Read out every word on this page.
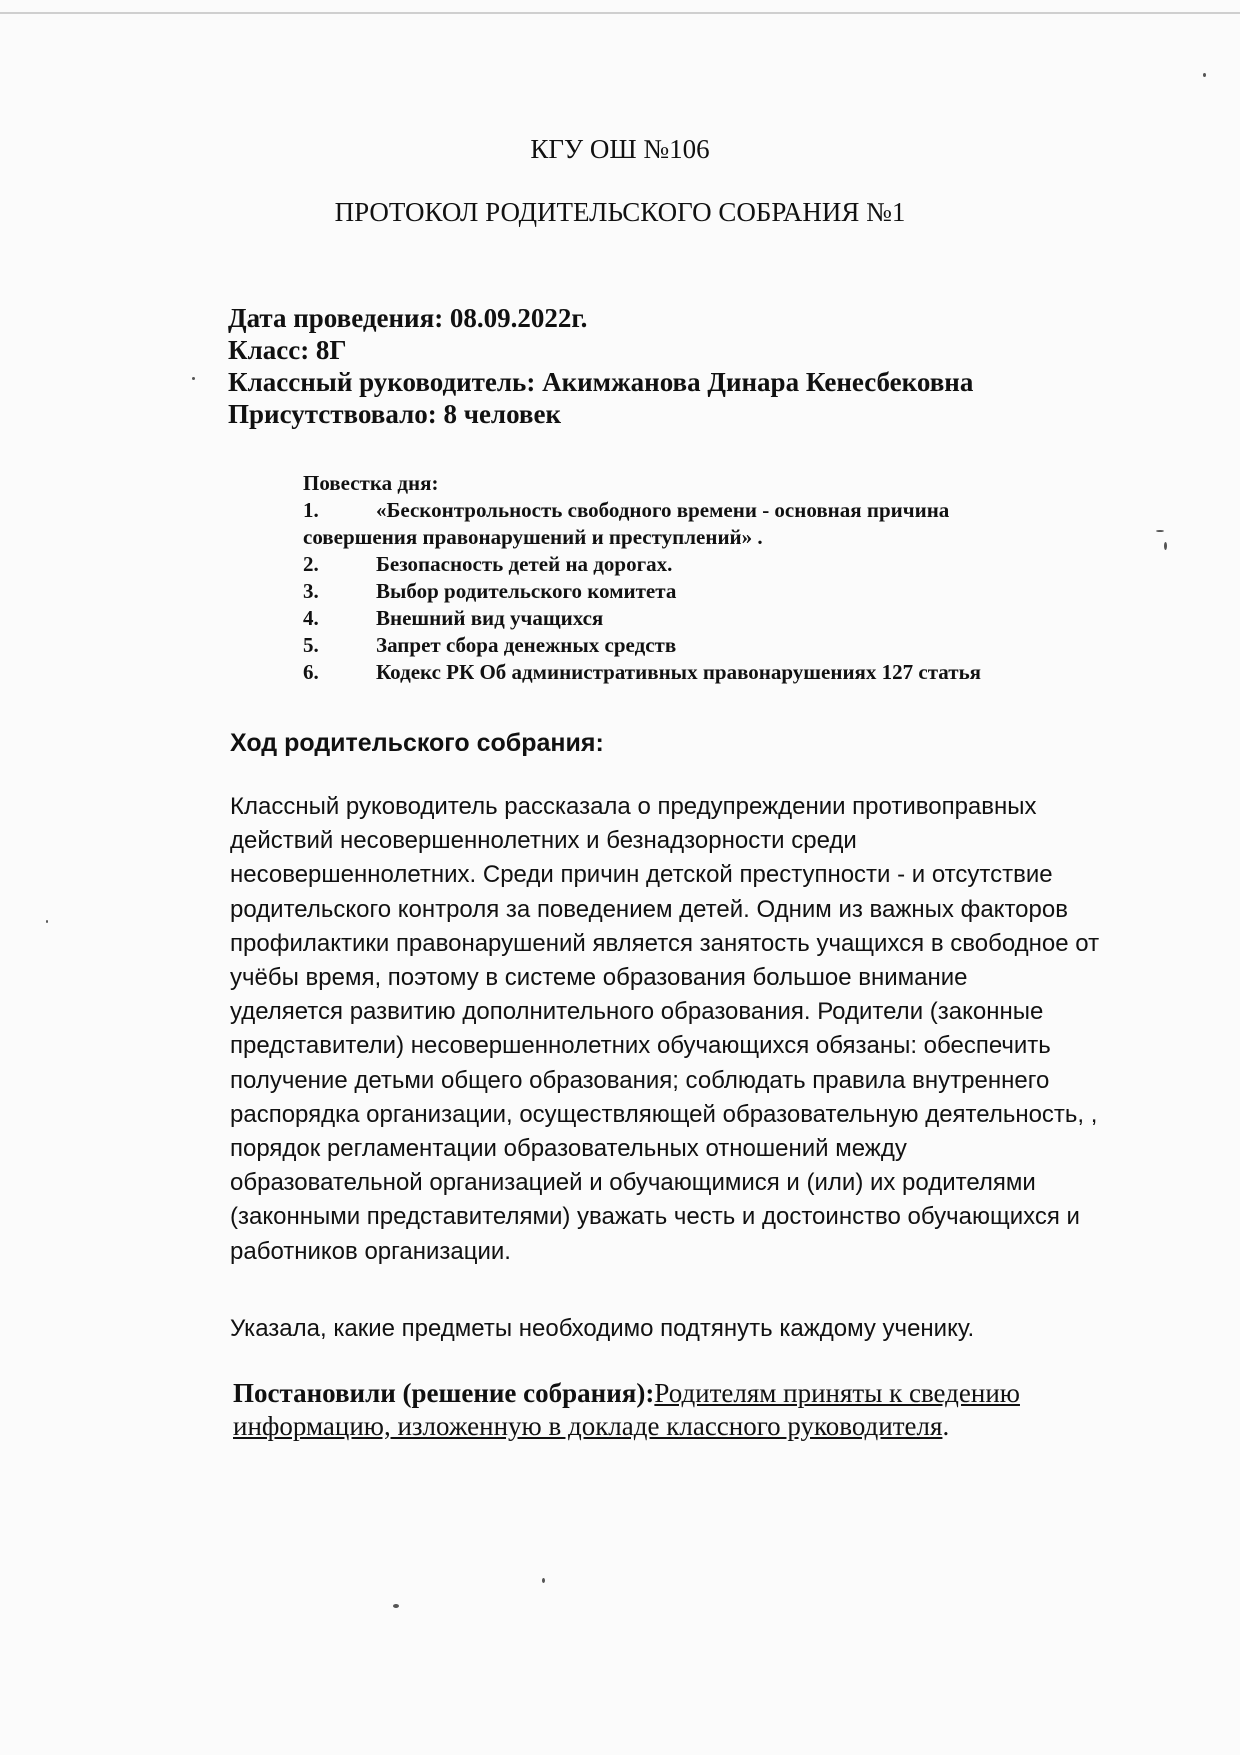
КГУ ОШ №106
ПРОТОКОЛ РОДИТЕЛЬСКОГО СОБРАНИЯ №1
Дата проведения: 08.09.2022г.
Класс: 8Г
Классный руководитель: Акимжанова Динара Кенесбековна
Присутствовало: 8 человек
Повестка дня:
1.	«Бесконтрольность свободного времени - основная причина
совершения правонарушений и преступлений» .
2.	Безопасность детей на дорогах.
3.	Выбор родительского комитета
4.	Внешний вид учащихся
5.	Запрет сбора денежных средств
6.	Кодекс РК Об административных правонарушениях 127 статья
Ход родительского собрания:
Классный руководитель рассказала о предупреждении противоправных
действий несовершеннолетних и безнадзорности среди
несовершеннолетних. Среди причин детской преступности - и отсутствие
родительского контроля за поведением детей. Одним из важных факторов
профилактики правонарушений является занятость учащихся в свободное от
учёбы время, поэтому в системе образования большое внимание
уделяется развитию дополнительного образования. Родители (законные
представители) несовершеннолетних обучающихся обязаны: обеспечить
получение детьми общего образования; соблюдать правила внутреннего
распорядка организации, осуществляющей образовательную деятельность, ,
порядок регламентации образовательных отношений между
образовательной организацией и обучающимися и (или) их родителями
(законными представителями) уважать честь и достоинство обучающихся и
работников организации.
Указала, какие предметы необходимо подтянуть каждому ученику.
Постановили (решение собрания):Родителям приняты к сведению
информацию, изложенную в докладе классного руководителя.
